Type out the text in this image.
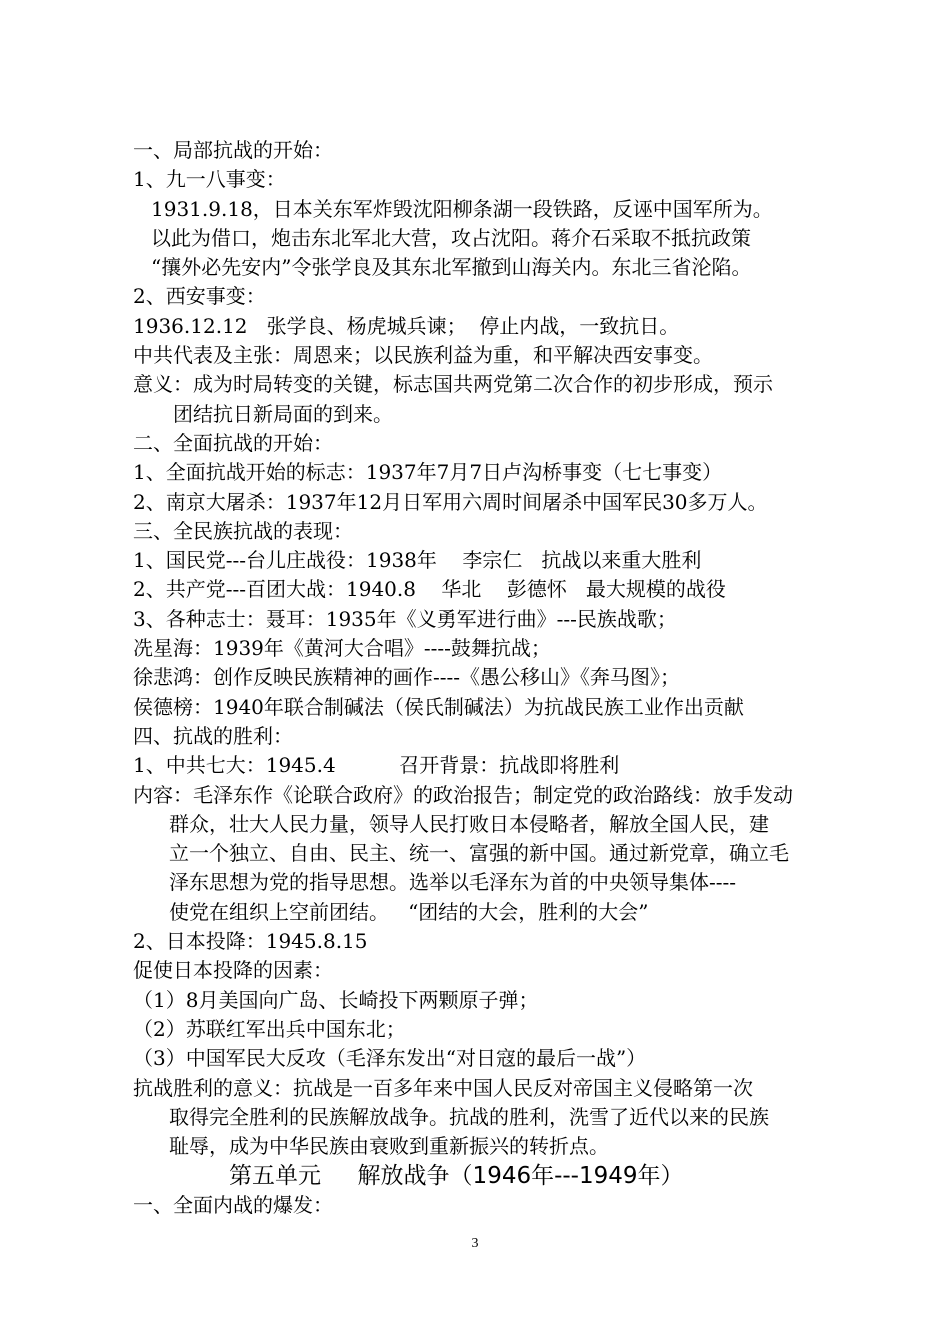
一、局部抗战的开始：
1、九一八事变：
1931.9.18，日本关东军炸毁沈阳柳条湖一段铁路，反诬中国军所为。
以此为借口，炮击东北军北大营，攻占沈阳。蒋介石采取不抵抗政策
“攘外必先安内”令张学良及其东北军撤到山海关内。东北三省沦陷。
2、西安事变：
1936.12.12   张学良、杨虎城兵谏；  停止内战，一致抗日。
中共代表及主张：周恩来；以民族利益为重，和平解决西安事变。
意义：成为时局转变的关键，标志国共两党第二次合作的初步形成，预示
团结抗日新局面的到来。
二、全面抗战的开始：
1、全面抗战开始的标志：1937年7月7日卢沟桥事变（七七事变）
2、南京大屠杀：1937年12月日军用六周时间屠杀中国军民30多万人。
三、全民族抗战的表现：
1、国民党---台儿庄战役：1938年    李宗仁   抗战以来重大胜利
2、共产党---百团大战：1940.8    华北    彭德怀   最大规模的战役
3、各种志士：聂耳：1935年《义勇军进行曲》---民族战歌；
冼星海：1939年《黄河大合唱》----鼓舞抗战；
徐悲鸿：创作反映民族精神的画作----《愚公移山》《奔马图》；
侯德榜：1940年联合制碱法（侯氏制碱法）为抗战民族工业作出贡献
四、抗战的胜利：
1、中共七大：1945.4          召开背景：抗战即将胜利
内容：毛泽东作《论联合政府》的政治报告；制定党的政治路线：放手发动
群众，壮大人民力量，领导人民打败日本侵略者，解放全国人民，建
立一个独立、自由、民主、统一、富强的新中国。通过新党章，确立毛
泽东思想为党的指导思想。选举以毛泽东为首的中央领导集体----
使党在组织上空前团结。   “团结的大会，胜利的大会”
2、日本投降：1945.8.15
促使日本投降的因素：
（1）8月美国向广岛、长崎投下两颗原子弹；
（2）苏联红军出兵中国东北；
（3）中国军民大反攻（毛泽东发出“对日寇的最后一战”）
抗战胜利的意义：抗战是一百多年来中国人民反对帝国主义侵略第一次
取得完全胜利的民族解放战争。抗战的胜利，洗雪了近代以来的民族
耻辱，成为中华民族由衰败到重新振兴的转折点。
第五单元     解放战争（1946年---1949年）
一、全面内战的爆发：
3
